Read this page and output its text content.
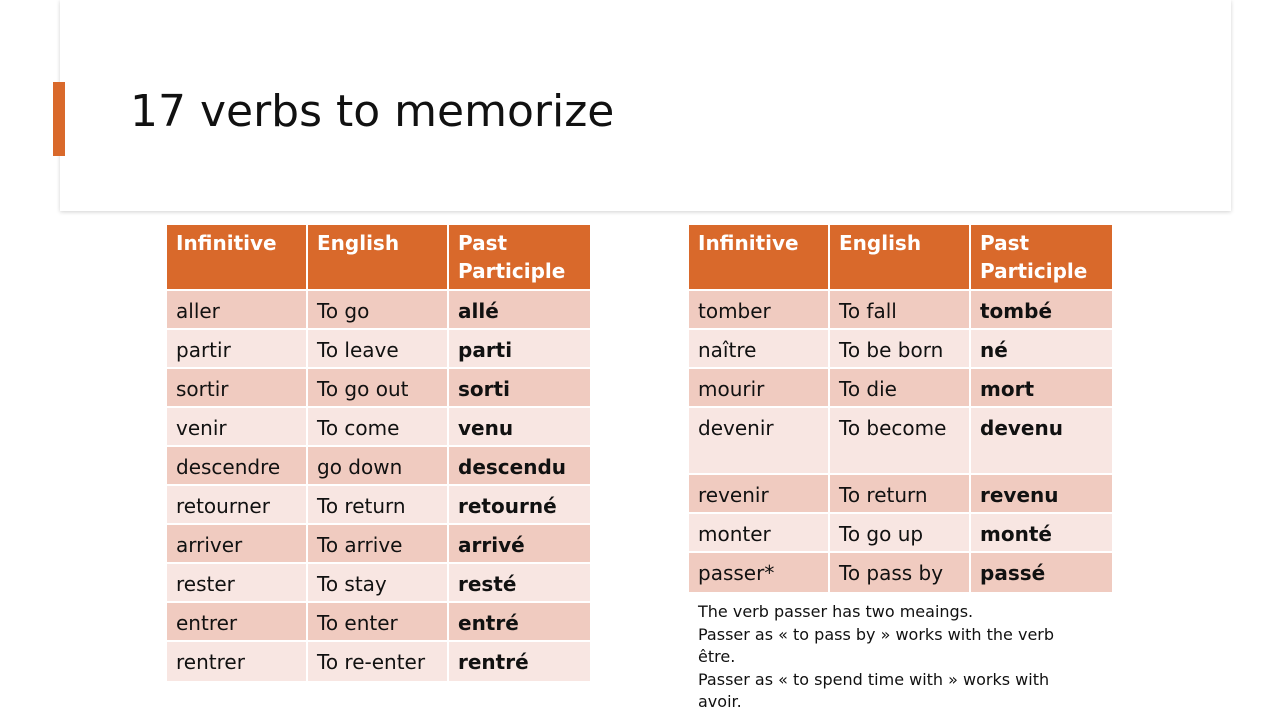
17 verbs to memorize
Infinitive	English	Past Participle
aller	To go	allé
partir	To leave	parti
sortir	To go out	sorti
venir	To come	venu
descendre	go down	descendu
retourner	To return	retourné
arriver	To arrive	arrivé
rester	To stay	resté
entrer	To enter	entré
rentrer	To re-enter	rentré
Infinitive	English	Past Participle
tomber	To fall	tombé
naître	To be born	né
mourir	To die	mort
devenir	To become	devenu
revenir	To return	revenu
monter	To go up	monté
passer*	To pass by	passé

The verb passer has two meaings.

Passer as « to pass by » works with the verb être.

Passer as « to spend time with » works with avoir.
